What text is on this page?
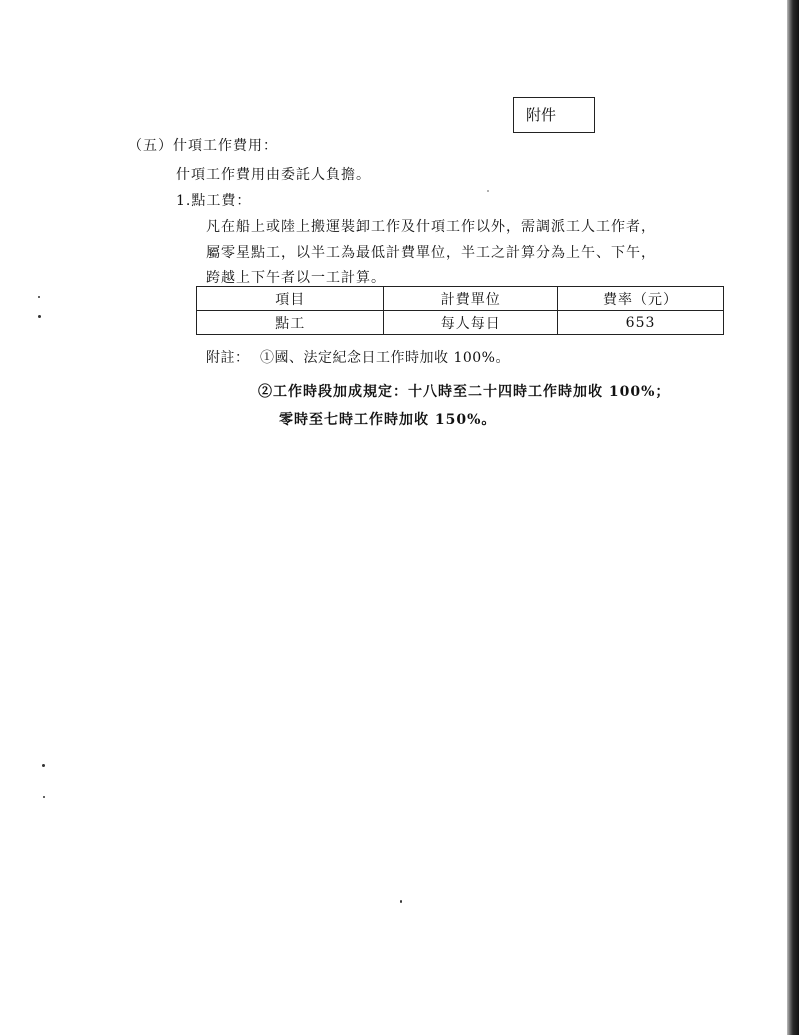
附件
（五）什項工作費用：
什項工作費用由委託人負擔。
1.點工費：
凡在船上或陸上搬運裝卸工作及什項工作以外，需調派工人工作者，
屬零星點工，以半工為最低計費單位，半工之計算分為上午、下午，
跨越上下午者以一工計算。
項目	計費單位	費率（元）
點工	每人每日	653
附註： ①國、法定紀念日工作時加收 100%。
②工作時段加成規定：十八時至二十四時工作時加收 100%；
零時至七時工作時加收 150%。
